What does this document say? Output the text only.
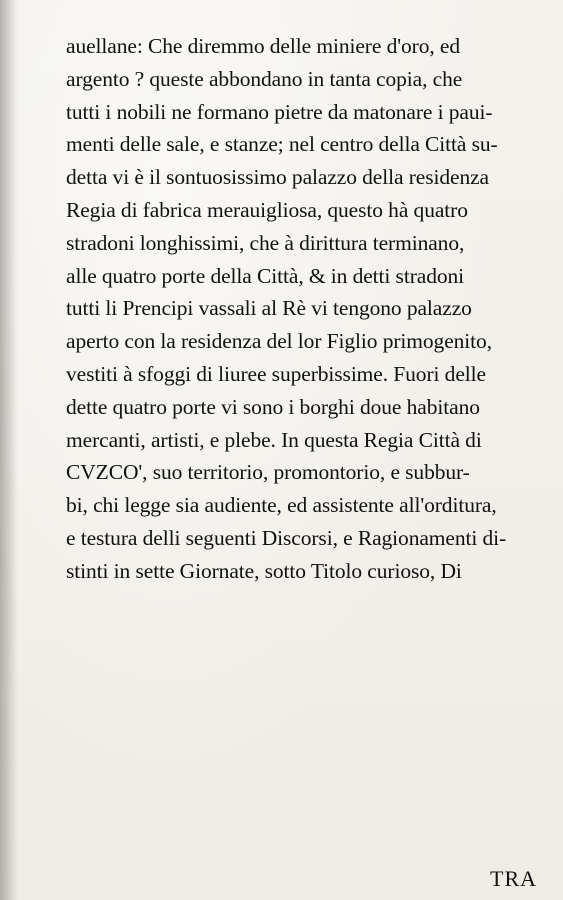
auellane: Che diremmo delle miniere d'oro, ed
argento ? queste abbondano in tanta copia, che
tutti i nobili ne formano pietre da matonare i paui-
menti delle sale, e stanze; nel centro della Città su-
detta vi è il sontuosissimo palazzo della residenza
Regia di fabrica merauigliosa, questo hà quatro
stradoni longhissimi, che à dirittura terminano,
alle quatro porte della Città, & in detti stradoni
tutti li Prencipi vassali al Rè vi tengono palazzo
aperto con la residenza del lor Figlio primogenito,
vestiti à sfoggi di liuree superbissime. Fuori delle
dette quatro porte vi sono i borghi doue habitano
mercanti, artisti, e plebe. In questa Regia Città di
CVZCO', suo territorio, promontorio, e subbur-
bi, chi legge sia audiente, ed assistente all'orditura,
e testura delli seguenti Discorsi, e Ragionamenti di-
stinti in sette Giornate, sotto Titolo curioso, Di
TRA
